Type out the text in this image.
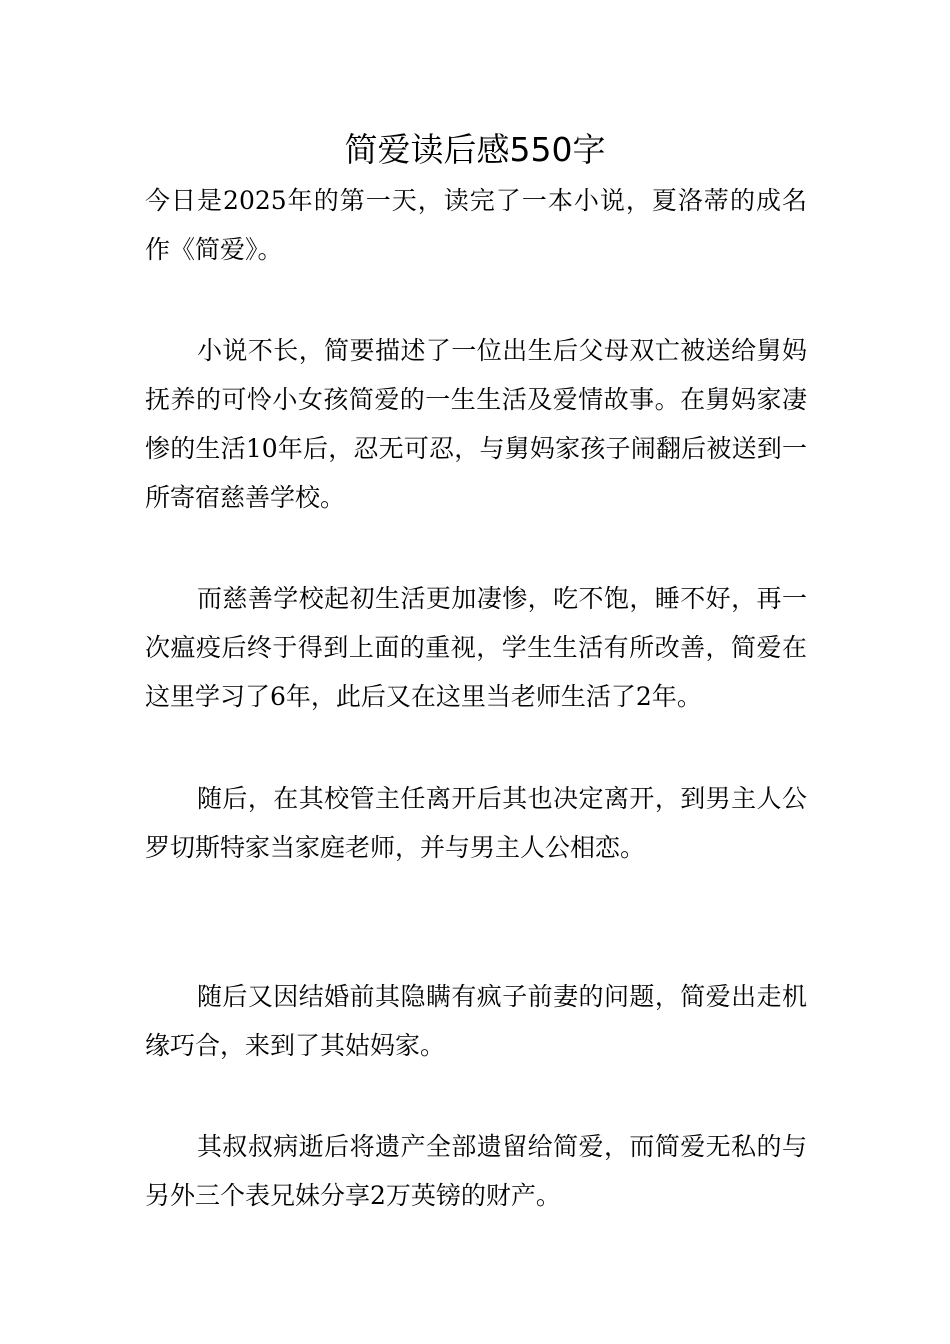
简爱读后感550字

今日是2025年的第一天，读完了一本小说，夏洛蒂的成名作《简爱》。

小说不长，简要描述了一位出生后父母双亡被送给舅妈抚养的可怜小女孩简爱的一生生活及爱情故事。在舅妈家凄惨的生活10年后，忍无可忍，与舅妈家孩子闹翻后被送到一所寄宿慈善学校。

而慈善学校起初生活更加凄惨，吃不饱，睡不好，再一次瘟疫后终于得到上面的重视，学生生活有所改善，简爱在这里学习了6年，此后又在这里当老师生活了2年。

随后，在其校管主任离开后其也决定离开，到男主人公罗切斯特家当家庭老师，并与男主人公相恋。

随后又因结婚前其隐瞒有疯子前妻的问题，简爱出走机缘巧合，来到了其姑妈家。

其叔叔病逝后将遗产全部遗留给简爱，而简爱无私的与另外三个表兄妹分享2万英镑的财产。
